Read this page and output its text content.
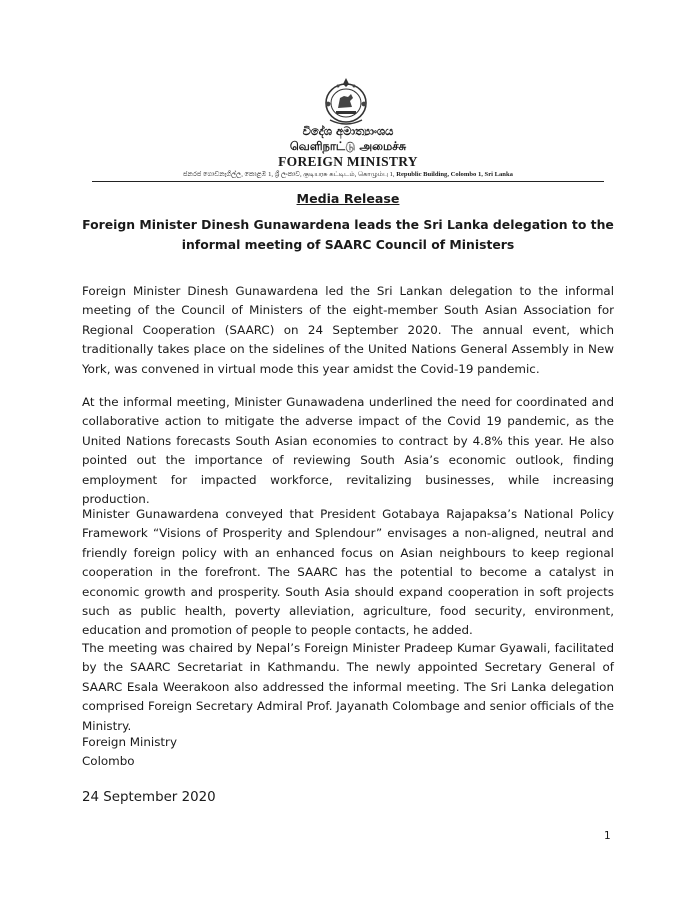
විදේශ අමාත්‍යාංශය
வெளிநாட்டு அமைச்சு
FOREIGN MINISTRY
ජනරජ ගොඩනැගිල්ල, කොළඹ 1, ශ්‍රී ලංකාව, குடியரசு கட்டிடம், கொழும்பு 1, Republic Building, Colombo 1, Sri Lanka
Media Release
Foreign Minister Dinesh Gunawardena leads the Sri Lanka delegation to the informal meeting of SAARC Council of Ministers

Foreign Minister Dinesh Gunawardena led the Sri Lankan delegation to the informal meeting of the Council of Ministers of the eight-member South Asian Association for Regional Cooperation (SAARC) on 24 September 2020. The annual event, which traditionally takes place on the sidelines of the United Nations General Assembly in New York, was convened in virtual mode this year amidst the Covid-19 pandemic.

At the informal meeting, Minister Gunawadena underlined the need for coordinated and collaborative action to mitigate the adverse impact of the Covid 19 pandemic, as the United Nations forecasts South Asian economies to contract by 4.8% this year. He also pointed out the importance of reviewing South Asia’s economic outlook, finding employment for impacted workforce, revitalizing businesses, while increasing production.

Minister Gunawardena conveyed that President Gotabaya Rajapaksa’s National Policy Framework “Visions of Prosperity and Splendour” envisages a non-aligned, neutral and friendly foreign policy with an enhanced focus on Asian neighbours to keep regional cooperation in the forefront. The SAARC has the potential to become a catalyst in economic growth and prosperity. South Asia should expand cooperation in soft projects such as public health, poverty alleviation, agriculture, food security, environment, education and promotion of people to people contacts, he added.

The meeting was chaired by Nepal’s Foreign Minister Pradeep Kumar Gyawali, facilitated by the SAARC Secretariat in Kathmandu. The newly appointed Secretary General of SAARC Esala Weerakoon also addressed the informal meeting. The Sri Lanka delegation comprised Foreign Secretary Admiral Prof. Jayanath Colombage and senior officials of the Ministry.

Foreign Ministry
Colombo
24 September 2020
1
